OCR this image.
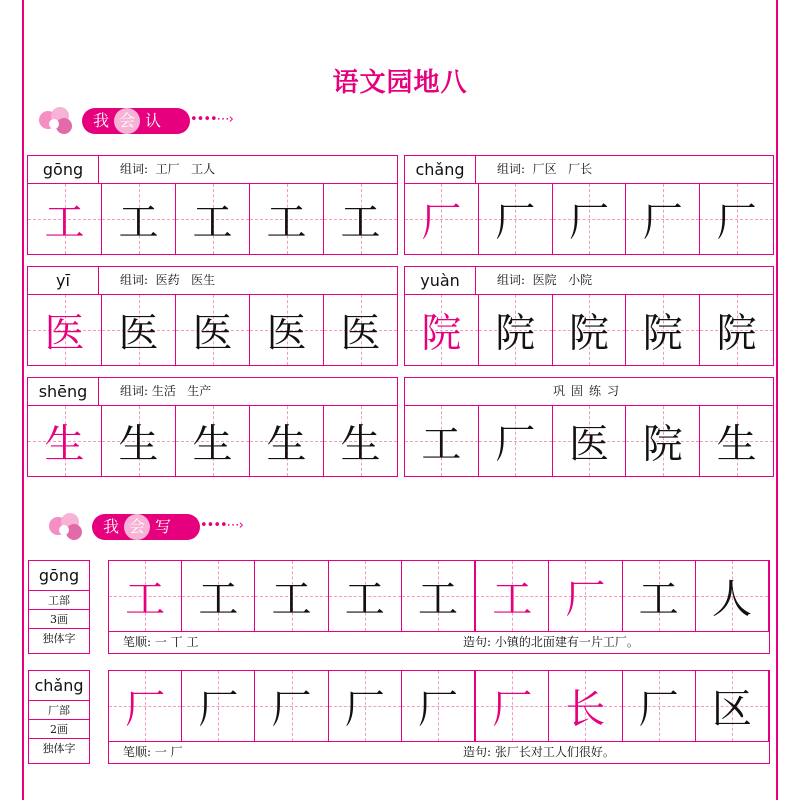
语文园地八
我 会 认	••••⋯›
gōng	组词:  工厂   工人
工 工 工 工 工
chǎng	组词:  厂区   厂长
厂 厂 厂 厂 厂
yī	组词:  医药   医生
医 医 医 医 医
yuàn	组词:  医院   小院
院 院 院 院 院
shēng	组词: 生活   生产
生 生 生 生 生
巩固练习
工 厂 医 院 生
我 会 写	••••⋯›
gōng
工部
3画
独体字
工 工 工 工 工 工 厂 工 人
笔顺: 一 丅 工	造句: 小镇的北面建有一片工厂。
chǎng
厂部
2画
独体字
厂 厂 厂 厂 厂 厂 长 厂 区
笔顺: 一 厂	造句: 张厂长对工人们很好。
